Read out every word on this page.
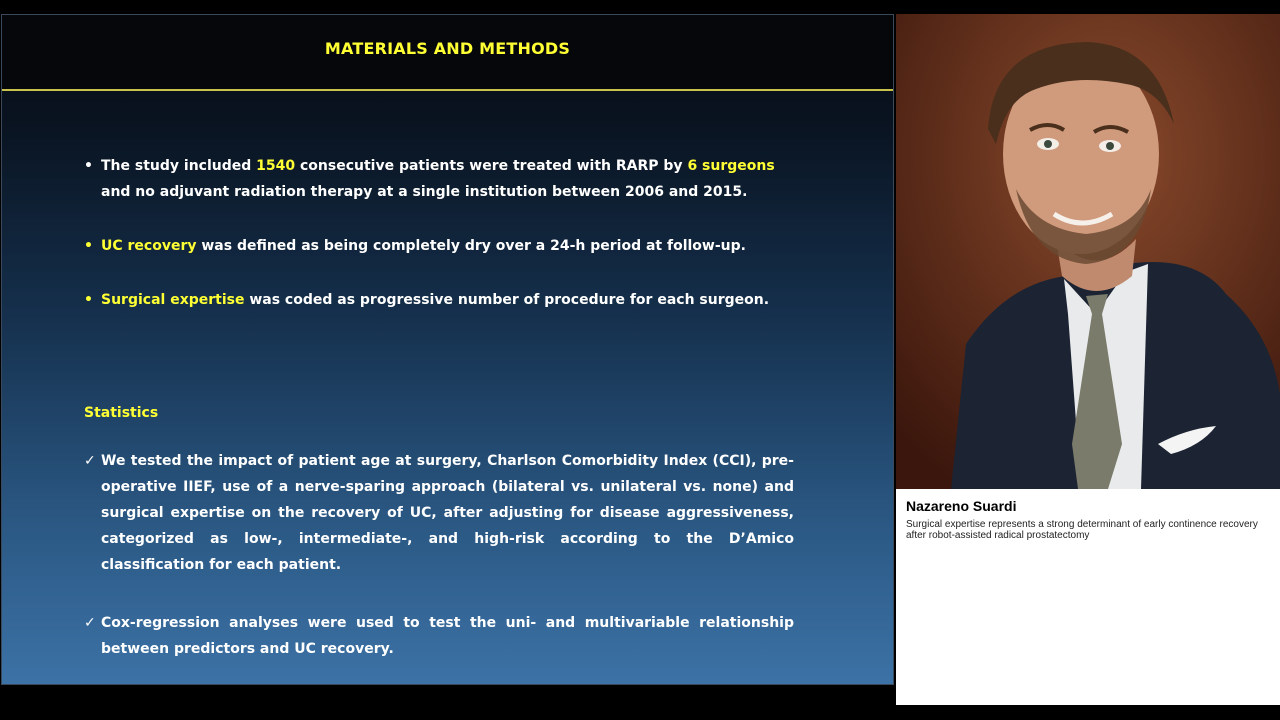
MATERIALS AND METHODS
• The study included 1540 consecutive patients were treated with RARP by 6 surgeons and no adjuvant radiation therapy at a single institution between 2006 and 2015.
• UC recovery was defined as being completely dry over a 24-h period at follow-up.
• Surgical expertise was coded as progressive number of procedure for each surgeon.
Statistics
✓ We tested the impact of patient age at surgery, Charlson Comorbidity Index (CCI), pre-operative IIEF, use of a nerve-sparing approach (bilateral vs. unilateral vs. none) and surgical expertise on the recovery of UC, after adjusting for disease aggressiveness, categorized as low-, intermediate-, and high-risk according to the D’Amico classification for each patient.
✓ Cox-regression analyses were used to test the uni- and multivariable relationship between predictors and UC recovery.
Nazareno Suardi
Surgical expertise represents a strong determinant of early continence recovery after robot-assisted radical prostatectomy
